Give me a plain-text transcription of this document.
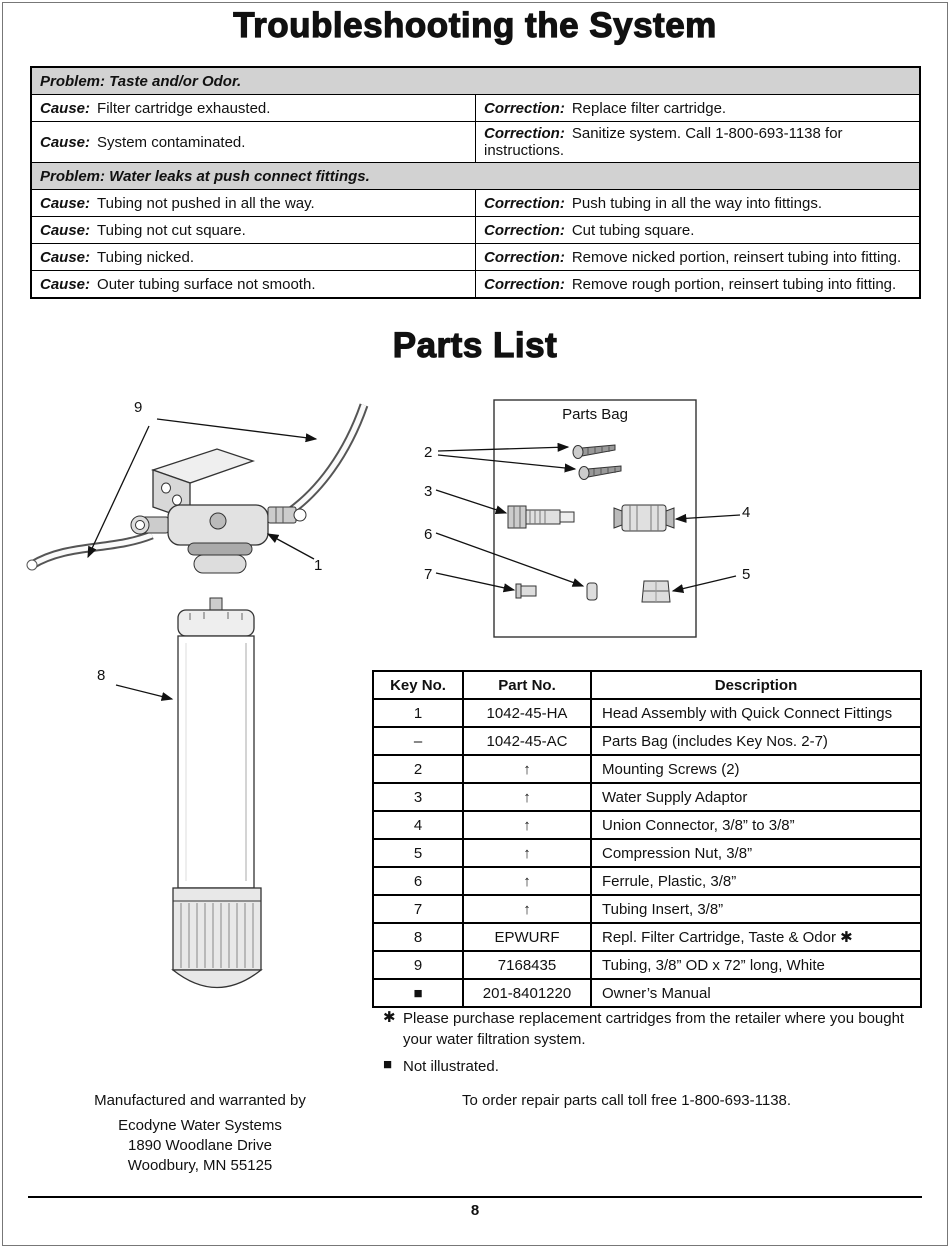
Troubleshooting the System
Problem: Taste and/or Odor.	
Cause: Filter cartridge exhausted.	Correction: Replace filter cartridge.
Cause: System contaminated.	Correction: Sanitize system. Call 1-800-693-1138 for instructions.
Problem: Water leaks at push connect fittings.	
Cause: Tubing not pushed in all the way.	Correction: Push tubing in all the way into fittings.
Cause: Tubing not cut square.	Correction: Cut tubing square.
Cause: Tubing nicked.	Correction: Remove nicked portion, reinsert tubing into fitting.
Cause: Outer tubing surface not smooth.	Correction: Remove rough portion, reinsert tubing into fitting.
Parts List
9
1
8
2
3
6
7
4
5
Parts Bag
Key No.	Part No.	Description
1	1042-45-HA	Head Assembly with Quick Connect Fittings
–	1042-45-AC	Parts Bag (includes Key Nos. 2-7)
2	↑	Mounting Screws (2)
3	↑	Water Supply Adaptor
4	↑	Union Connector, 3/8” to 3/8”
5	↑	Compression Nut, 3/8”
6	↑	Ferrule, Plastic, 3/8”
7	↑	Tubing Insert, 3/8”
8	EPWURF	Repl. Filter Cartridge, Taste & Odor ✱
9	7168435	Tubing, 3/8” OD x 72” long, White
■	201-8401220	Owner’s Manual
✱ Please purchase replacement cartridges from the retailer where you bought your water filtration system.
■ Not illustrated.
Manufactured and warranted by
Ecodyne Water Systems
1890 Woodlane Drive
Woodbury, MN 55125
To order repair parts call toll free 1-800-693-1138.
8
